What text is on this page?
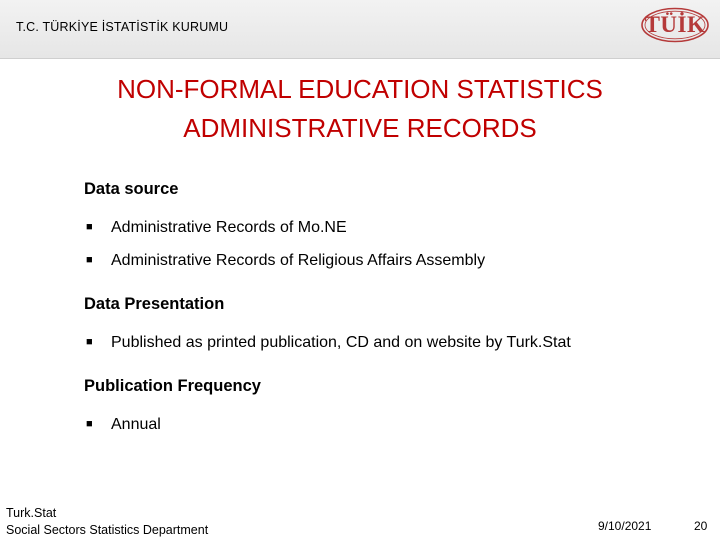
T.C. TÜRKİYE İSTATİSTİK KURUMU	TÜİK
NON-FORMAL EDUCATION STATISTICS
ADMINISTRATIVE RECORDS
Data source
■ Administrative Records of Mo.NE
■ Administrative Records of Religious Affairs Assembly
Data Presentation
■ Published as printed publication, CD and on website by Turk.Stat
Publication Frequency
■ Annual
Turk.Stat
Social Sectors Statistics Department	9/10/2021	20
